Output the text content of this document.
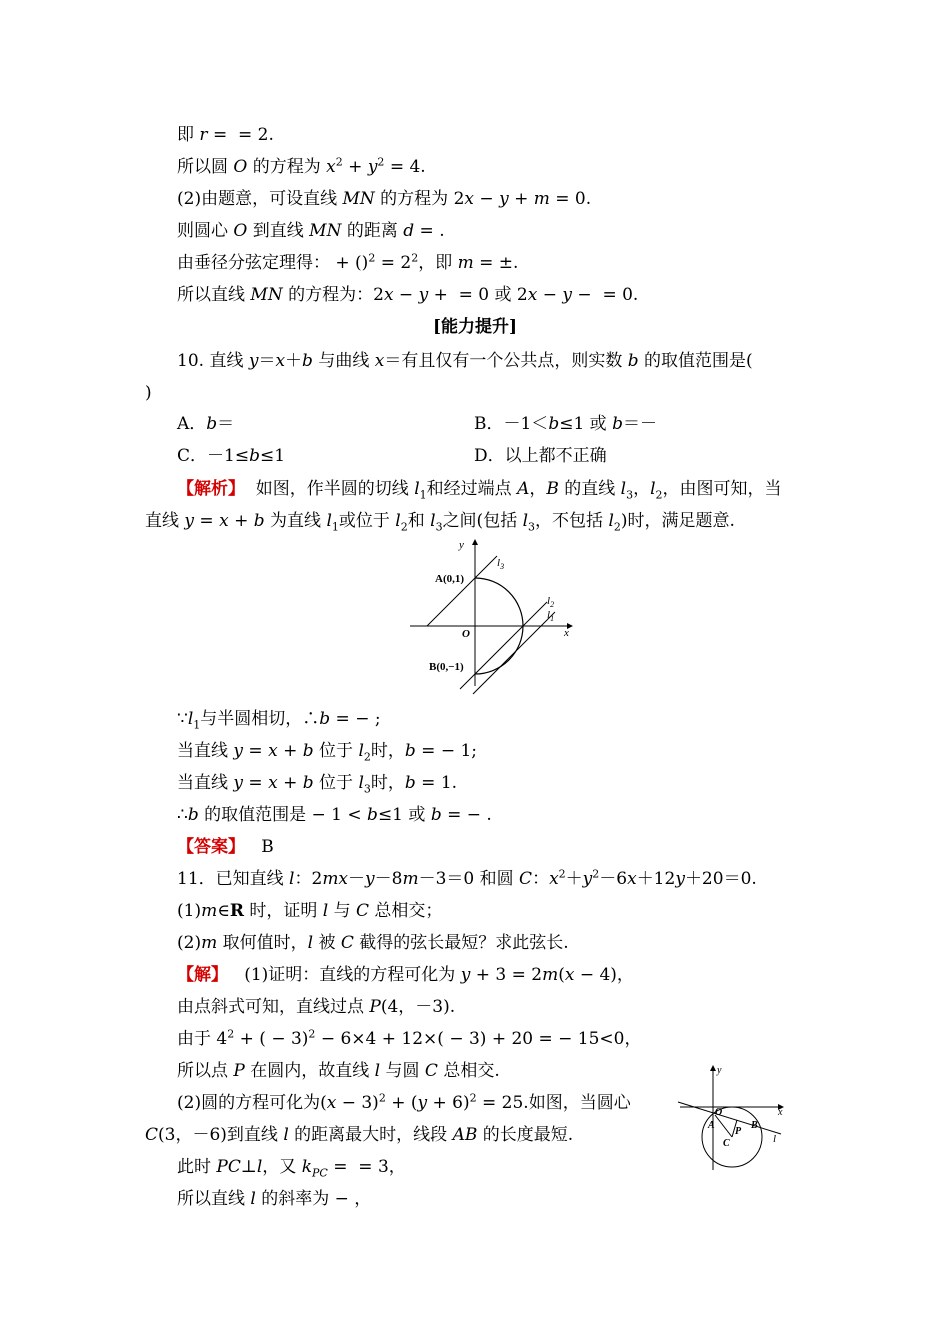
即 r =  = 2.
所以圆 O 的方程为 $x^2 + y^2 = 4$.
(2)由题意，可设直线 MN 的方程为 2x − y + m = 0.
则圆心 O 到直线 MN 的距离 d = .
由垂径分弦定理得： + $()^2 = 2^2$，即 m = ±.
所以直线 MN 的方程为：2x − y +  = 0 或 2x − y −  = 0.
[能力提升]
10. 直线 y＝x＋b 与曲线 x＝有且仅有一个公共点，则实数 b 的取值范围是(
)
A．b＝	B．－1＜b≤1 或 b＝－
C．－1≤b≤1	D．以上都不正确
【解析】  如图，作半圆的切线 $l_1$和经过端点 A，B 的直线 $l_3$，$l_2$，由图可知，当
直线 y = x + b 为直线 $l_1$或位于 $l_2$和 $l_3$之间(包括 $l_3$，不包括 $l_2$)时，满足题意.
y
x
O
A(0,1)
B(0,−1)
$l_3$
$l_2$
$l_1$
$\because l_1$与半圆相切，∴b = − ;
当直线 y = x + b 位于 $l_2$时，b = − 1;
当直线 y = x + b 位于 $l_3$时，b = 1.
∴b 的取值范围是 − 1 < b≤1 或 b = − .
【答案】 B
11．已知直线 l：2mx－y－8m－3＝0 和圆 C：$x^2+y^2-6x+12y+20=0$.
(1)m∈R 时，证明 l 与 C 总相交；
(2)m 取何值时，l 被 C 截得的弦长最短？求此弦长.
【解】   (1)证明：直线的方程可化为 y + 3 = 2m(x − 4)，
由点斜式可知，直线过点 P(4，－3).
由于 $4^2$ + ( − 3)$^2$ − 6×4 + 12×( − 3) + 20 = − 15<0，
所以点 P 在圆内，故直线 l 与圆 C 总相交.
(2)圆的方程可化为$(x - 3)^2 + (y + 6)^2 = 25$.如图，当圆心
C(3，－6)到直线 l 的距离最大时，线段 AB 的长度最短.
此时 PC⊥l，又 $k_{PC}$ =  = 3，
所以直线 l 的斜率为 − ，
y
x
O
A	B
P
C	l
